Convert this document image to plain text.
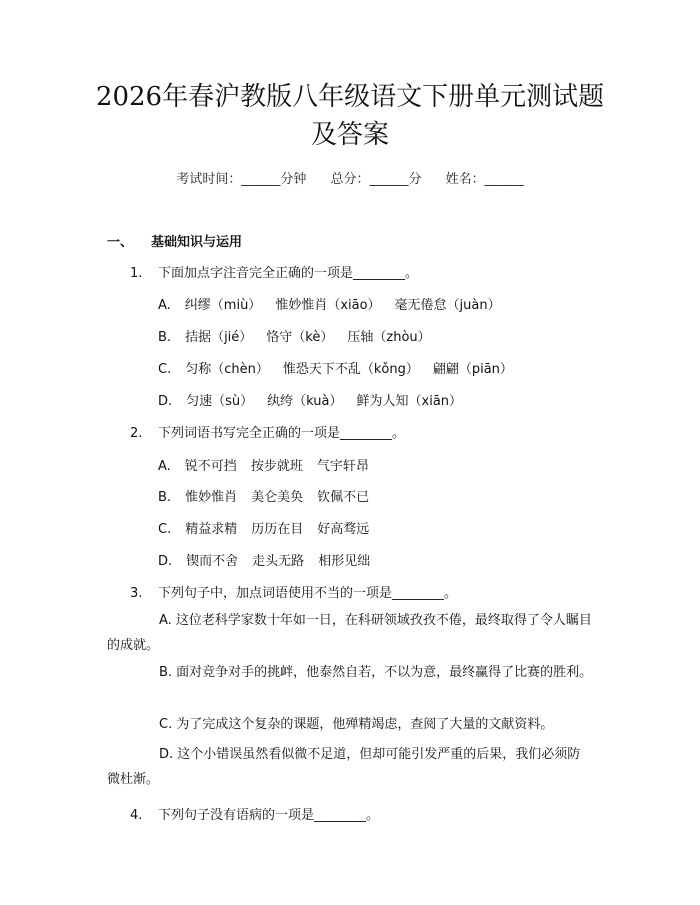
2026年春沪教版八年级语文下册单元测试题
及答案
考试时间：______分钟 总分：______分 姓名：______
一、 基础知识与运用
1. 下面加点字注音完全正确的一项是________。
A. 纠缪（miù） 惟妙惟肖（xiāo） 毫无倦怠（juàn）
B. 拮据（jié） 恪守（kè） 压轴（zhòu）
C. 匀称（chèn） 惟恐天下不乱（kǒng） 翩翩（piān）
D. 匀速（sù） 纨绔（kuà） 鲜为人知（xiān）
2. 下列词语书写完全正确的一项是________。
A. 锐不可挡 按步就班 气宇轩昂
B. 惟妙惟肖 美仑美奂 钦佩不已
C. 精益求精 历历在目 好高骛远
D. 锲而不舍 走头无路 相形见绌
3. 下列句子中，加点词语使用不当的一项是________。
A. 这位老科学家数十年如一日，在科研领域孜孜不倦，最终取得了令人瞩目的成就。
B. 面对竞争对手的挑衅，他泰然自若，不以为意，最终赢得了比赛的胜利。
C. 为了完成这个复杂的课题，他殚精竭虑，查阅了大量的文献资料。
D. 这个小错误虽然看似微不足道，但却可能引发严重的后果，我们必须防微杜渐。
4. 下列句子没有语病的一项是________。
